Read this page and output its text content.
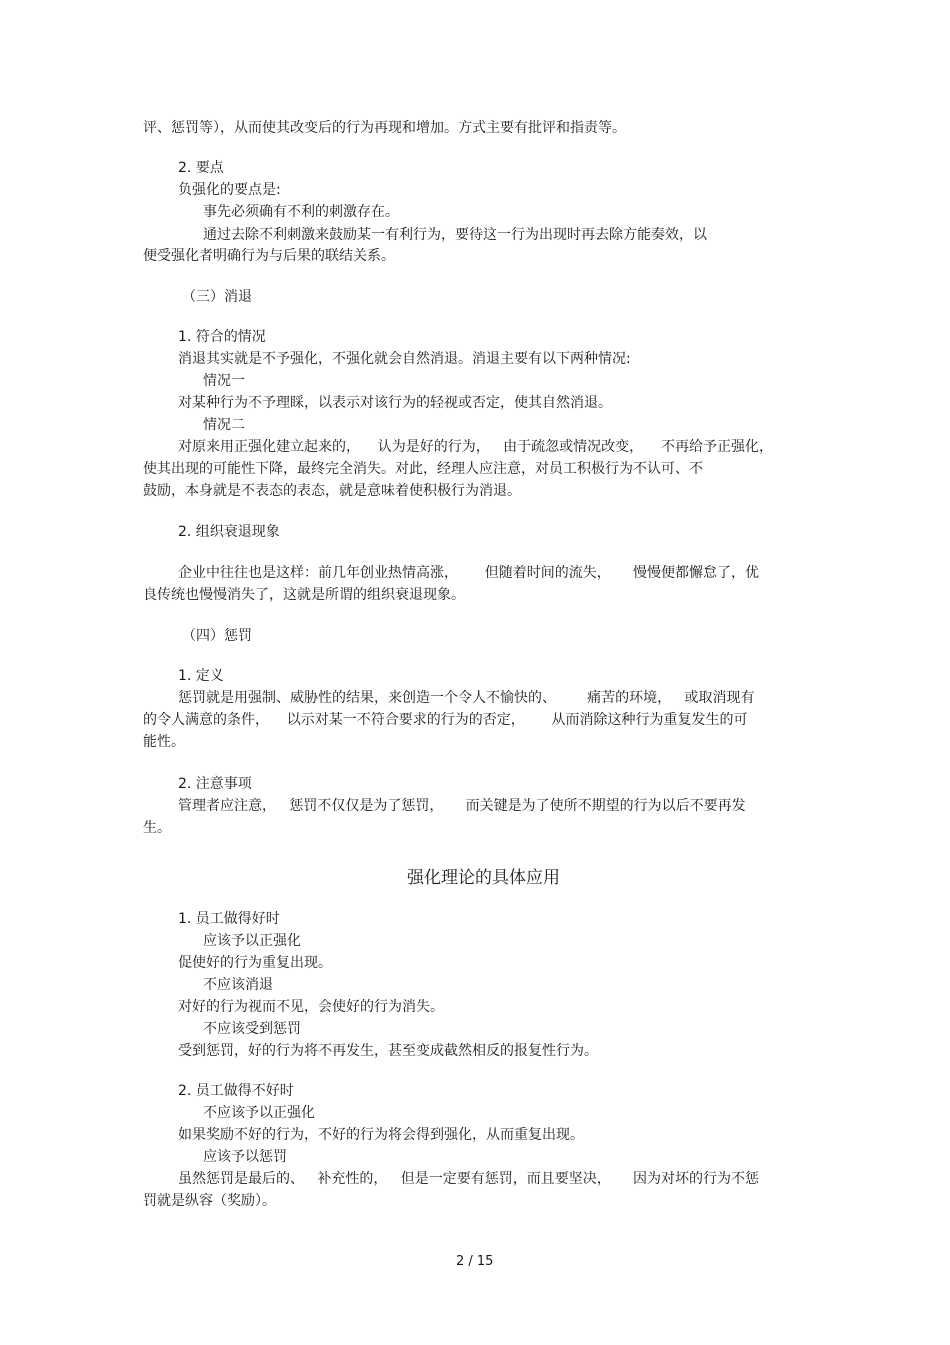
评、惩罚等），从而使其改变后的行为再现和增加。方式主要有批评和指责等。
2. 要点
负强化的要点是:
事先必须确有不利的刺激存在。
通过去除不利刺激来鼓励某一有利行为，要待这一行为出现时再去除方能奏效，以
便受强化者明确行为与后果的联结关系。
（三）消退
1. 符合的情况
消退其实就是不予强化，不强化就会自然消退。消退主要有以下两种情况:
情况一
对某种行为不予理睬，以表示对该行为的轻视或否定，使其自然消退。
情况二
对原来用正强化建立起来的，    认为是好的行为，   由于疏忽或情况改变，    不再给予正强化，
使其出现的可能性下降，最终完全消失。对此，经理人应注意，对员工积极行为不认可、不
鼓励，本身就是不表态的表态，就是意味着使积极行为消退。
2. 组织衰退现象
企业中往往也是这样：前几年创业热情高涨，      但随着时间的流失，     慢慢便都懈怠了，优
良传统也慢慢消失了，这就是所谓的组织衰退现象。
（四）惩罚
1. 定义
惩罚就是用强制、威胁性的结果，来创造一个令人不愉快的、       痛苦的环境，   或取消现有
的令人满意的条件，    以示对某一不符合要求的行为的否定，      从而消除这种行为重复发生的可
能性。
2. 注意事项
管理者应注意，   惩罚不仅仅是为了惩罚，     而关键是为了使所不期望的行为以后不要再发
生。
强化理论的具体应用
1. 员工做得好时
应该予以正强化
促使好的行为重复出现。
不应该消退
对好的行为视而不见，会使好的行为消失。
不应该受到惩罚
受到惩罚，好的行为将不再发生，甚至变成截然相反的报复性行为。
2. 员工做得不好时
不应该予以正强化
如果奖励不好的行为，不好的行为将会得到强化，从而重复出现。
应该予以惩罚
虽然惩罚是最后的、   补充性的，   但是一定要有惩罚，而且要坚决，     因为对坏的行为不惩
罚就是纵容（奖励）。
2 / 15
